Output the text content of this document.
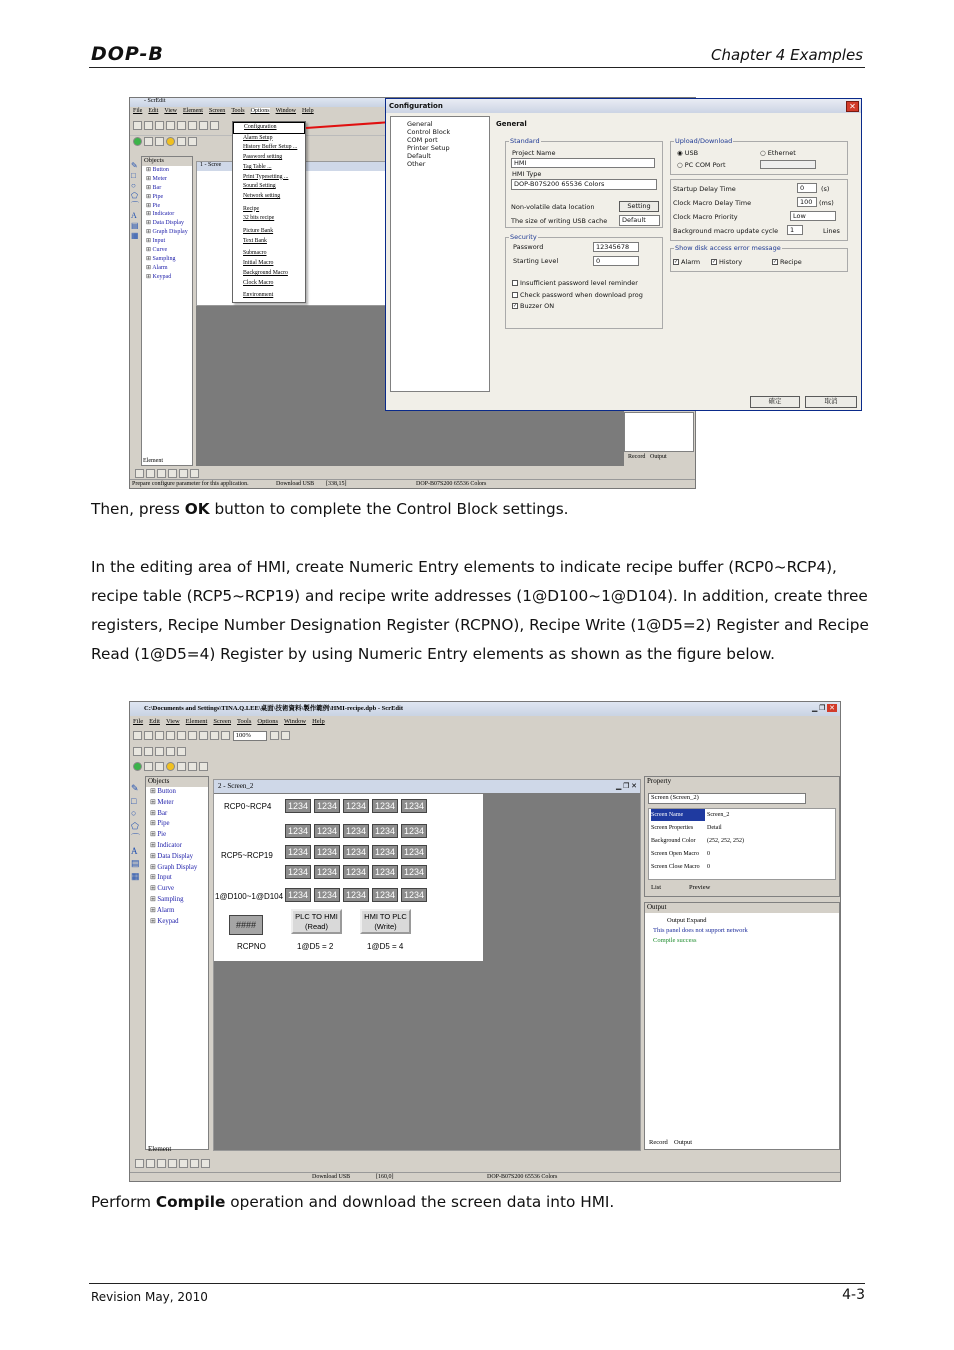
DOP-B	Chapter 4 Examples
- ScrEdit
File Edit View Element Screen Tools Options Window Help
✎
□
○
⬠
⌒
A
▤
▦
Objects
⊞ Button
⊞ Meter
⊞ Bar
⊞ Pipe
⊞ Pie
⊞ Indicator
⊞ Data Display
⊞ Graph Display
⊞ Input
⊞ Curve
⊞ Sampling
⊞ Alarm
⊞ Keypad
Element
1 - Scree
Record Output
Prepare configure parameter for this application.	Download USB [338,15]	DOP-B07S200 65536 Colors
Configuration
Alarm Setup
History Buffer Setup ...
Password setting
Tag Table ...
Print Typesetting ...
Sound Setting
Network setting
Recipe
32 bits recipe
Picture Bank
Text Bank
Submacro
Initial Macro
Background Macro
Clock Macro
Environment
Configuration	✕
General
Control Block
COM port
Printer Setup
Default
Other
General
Standard
Project Name
HMI
HMI Type
DOP-B07S200 65536 Colors
Non-volatile data location	Setting
The size of writing USB cache	Default
Security
Password	12345678
Starting Level	0
Insufficient password level reminder
Check password when download prog
✓ Buzzer ON
Upload/Download
◉ USB	○ Ethernet
○ PC COM Port
Startup Delay Time	0	(s)
Clock Macro Delay Time	100	(ms)
Clock Macro Priority	Low
Background macro update cycle	1	Lines
Show disk access error message
✓ Alarm ✓ History	✓ Recipe
確定	取消
Then, press OK button to complete the Control Block settings.
In the editing area of HMI, create Numeric Entry elements to indicate recipe buffer (RCP0~RCP4), recipe table (RCP5~RCP19) and recipe write addresses (1@D100~1@D104). In addition, create three registers, Recipe Number Designation Register (RCPNO), Recipe Write (1@D5=2) Register and Recipe Read (1@D5=4) Register by using Numeric Entry elements as shown as the figure below.
C:\Documents and Settings\TINA.Q.LEE\桌面\技術資料\製作範例\HMI-recipe.dpb - ScrEdit	▁ ❐ ✕
File Edit View Element Screen Tools Options Window Help
100%
✎
□
○
⬠
⌒
A
▤
▦
Objects
⊞ Button
⊞ Meter
⊞ Bar
⊞ Pipe
⊞ Pie
⊞ Indicator
⊞ Data Display
⊞ Graph Display
⊞ Input
⊞ Curve
⊞ Sampling
⊞ Alarm
⊞ Keypad
Element
2 - Screen_2	▁ ❐ ✕
RCP0~RCP4
RCP5~RCP19
1@D100~1@D104
1234 1234 1234 1234 1234
1234 1234 1234 1234 1234
1234 1234 1234 1234 1234
1234 1234 1234 1234 1234
1234 1234 1234 1234 1234
####
RCPNO
PLC TO HMI
(Read)
1@D5 = 2
HMI TO PLC
(Write)
1@D5 = 4
Property
Screen (Screen_2)
Screen Name	Screen_2
Screen Properties	Detail
Background Color	(252, 252, 252)
Screen Open Macro	0
Screen Close Macro	0
List	Preview
Output
Output Expand
This panel does not support network
Compile success
Record Output
Download USB	[160,0]	DOP-B07S200 65536 Colors
Perform Compile operation and download the screen data into HMI.
Revision May, 2010	4-3
